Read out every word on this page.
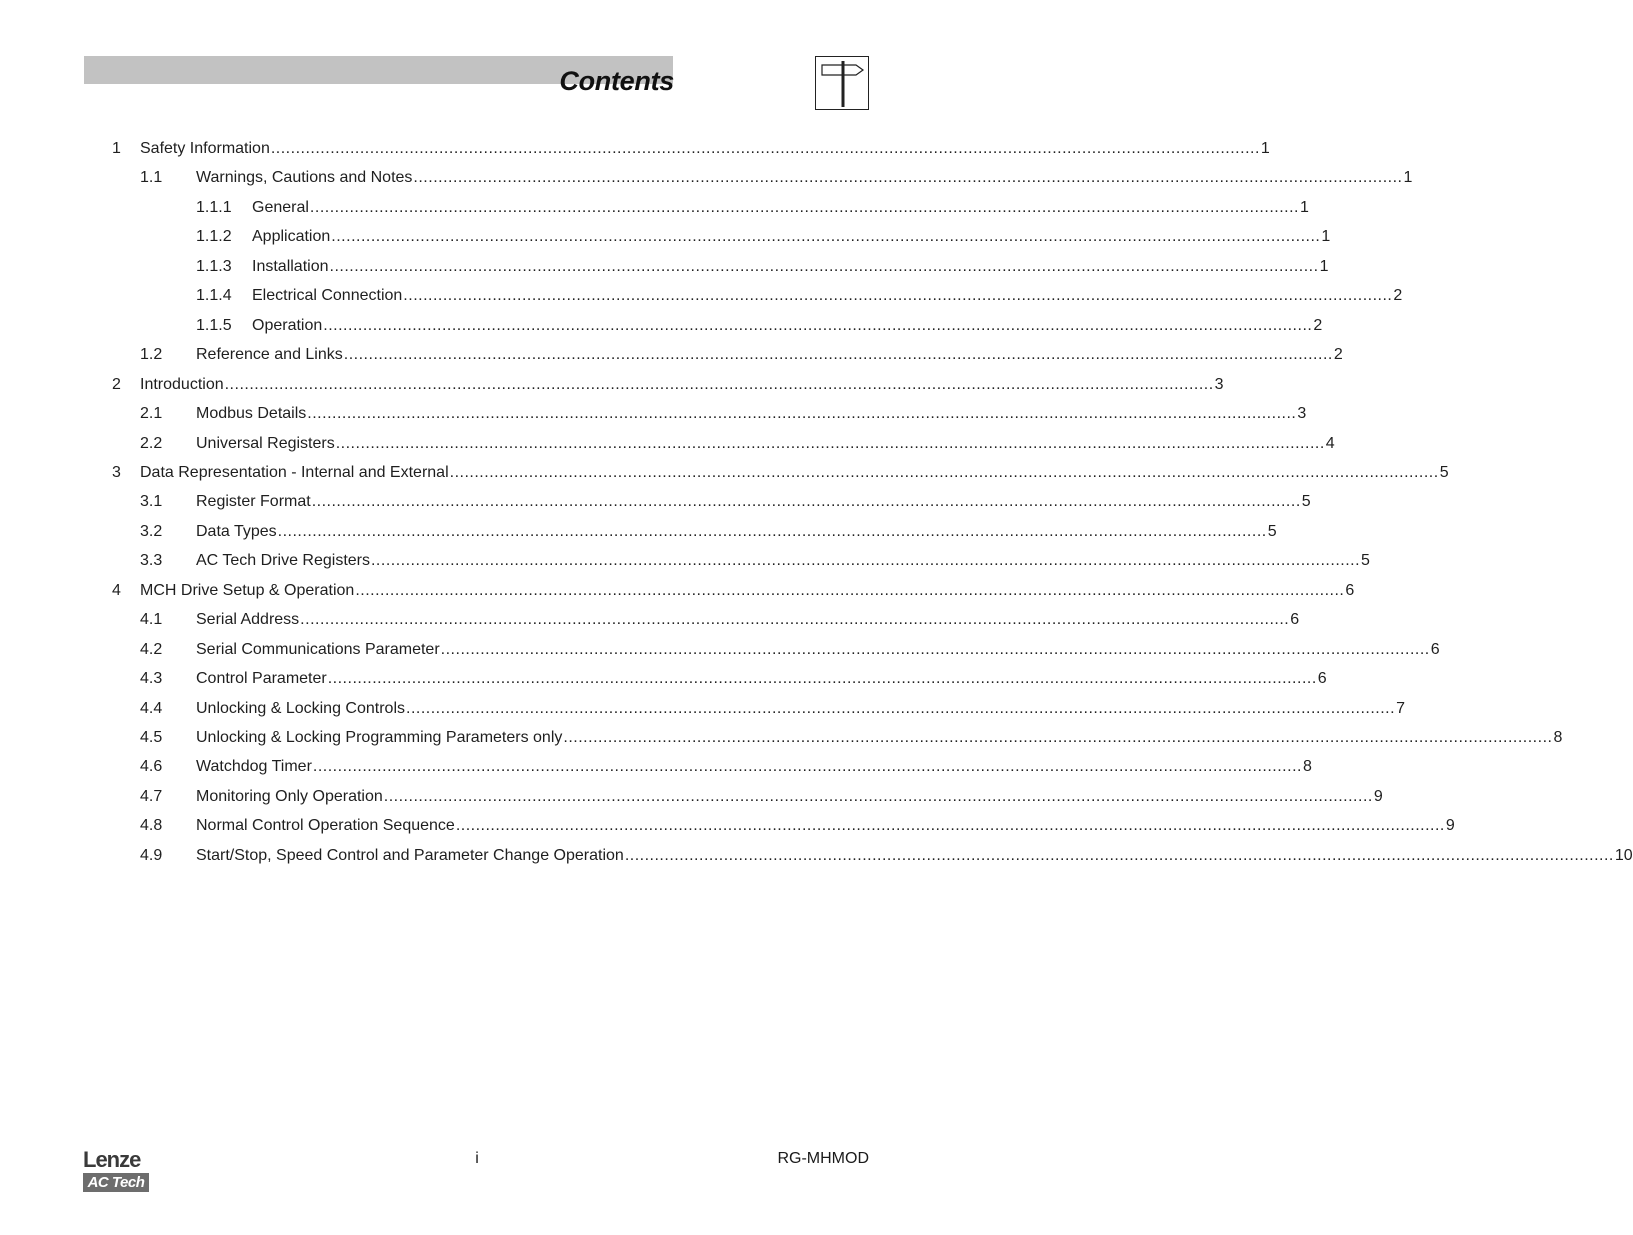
Contents
1	Safety Information ........................................................................................................................................................................................................ 1
1.1	Warnings, Cautions and Notes ........................................................................................................................................................................................................ 1
1.1.1	General ........................................................................................................................................................................................................ 1
1.1.2	Application ........................................................................................................................................................................................................ 1
1.1.3	Installation ........................................................................................................................................................................................................ 1
1.1.4	Electrical Connection ........................................................................................................................................................................................................ 2
1.1.5	Operation ........................................................................................................................................................................................................ 2
1.2	Reference and Links ........................................................................................................................................................................................................ 2
2	Introduction ........................................................................................................................................................................................................ 3
2.1	Modbus Details ........................................................................................................................................................................................................ 3
2.2	Universal Registers ........................................................................................................................................................................................................ 4
3	Data Representation - Internal and External ........................................................................................................................................................................................................ 5
3.1	Register Format ........................................................................................................................................................................................................ 5
3.2	Data Types ........................................................................................................................................................................................................ 5
3.3	AC Tech Drive Registers ........................................................................................................................................................................................................ 5
4	MCH Drive Setup & Operation ........................................................................................................................................................................................................ 6
4.1	Serial Address ........................................................................................................................................................................................................ 6
4.2	Serial Communications Parameter ........................................................................................................................................................................................................ 6
4.3	Control Parameter ........................................................................................................................................................................................................ 6
4.4	Unlocking & Locking Controls ........................................................................................................................................................................................................ 7
4.5	Unlocking & Locking Programming Parameters only ........................................................................................................................................................................................................ 8
4.6	Watchdog Timer ........................................................................................................................................................................................................ 8
4.7	Monitoring Only Operation ........................................................................................................................................................................................................ 9
4.8	Normal Control Operation Sequence ........................................................................................................................................................................................................ 9
4.9	Start/Stop, Speed Control and Parameter Change Operation ........................................................................................................................................................................................................ 10
Lenze
AC Tech
i	RG-MHMOD
